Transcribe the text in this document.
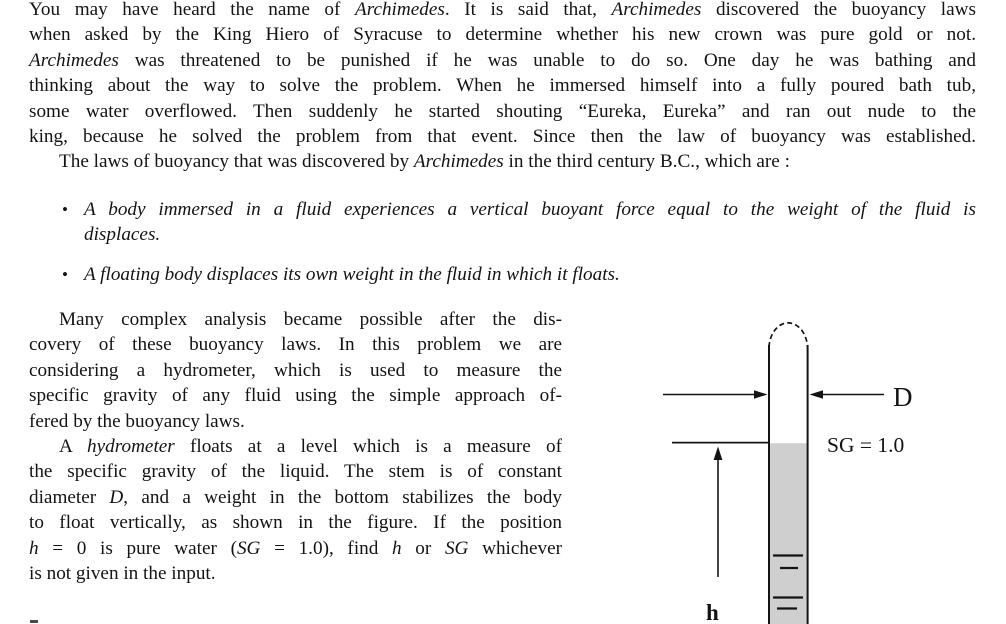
You may have heard the name of Archimedes. It is said that, Archimedes discovered the buoyancy laws
when asked by the King Hiero of Syracuse to determine whether his new crown was pure gold or not.
Archimedes was threatened to be punished if he was unable to do so. One day he was bathing and
thinking about the way to solve the problem. When he immersed himself into a fully poured bath tub,
some water overflowed. Then suddenly he started shouting “Eureka, Eureka” and ran out nude to the
king, because he solved the problem from that event. Since then the law of buoyancy was established.
The laws of buoyancy that was discovered by Archimedes in the third century B.C., which are :
• A body immersed in a fluid experiences a vertical buoyant force equal to the weight of the fluid is
displaces.
• A floating body displaces its own weight in the fluid in which it floats.
Many complex analysis became possible after the dis-
covery of these buoyancy laws. In this problem we are
considering a hydrometer, which is used to measure the
specific gravity of any fluid using the simple approach of-
fered by the buoyancy laws.
A hydrometer floats at a level which is a measure of
the specific gravity of the liquid. The stem is of constant
diameter D, and a weight in the bottom stabilizes the body
to float vertically, as shown in the figure. If the position
h = 0 is pure water (SG = 1.0), find h or SG whichever
is not given in the input.
D
SG = 1.0
h
